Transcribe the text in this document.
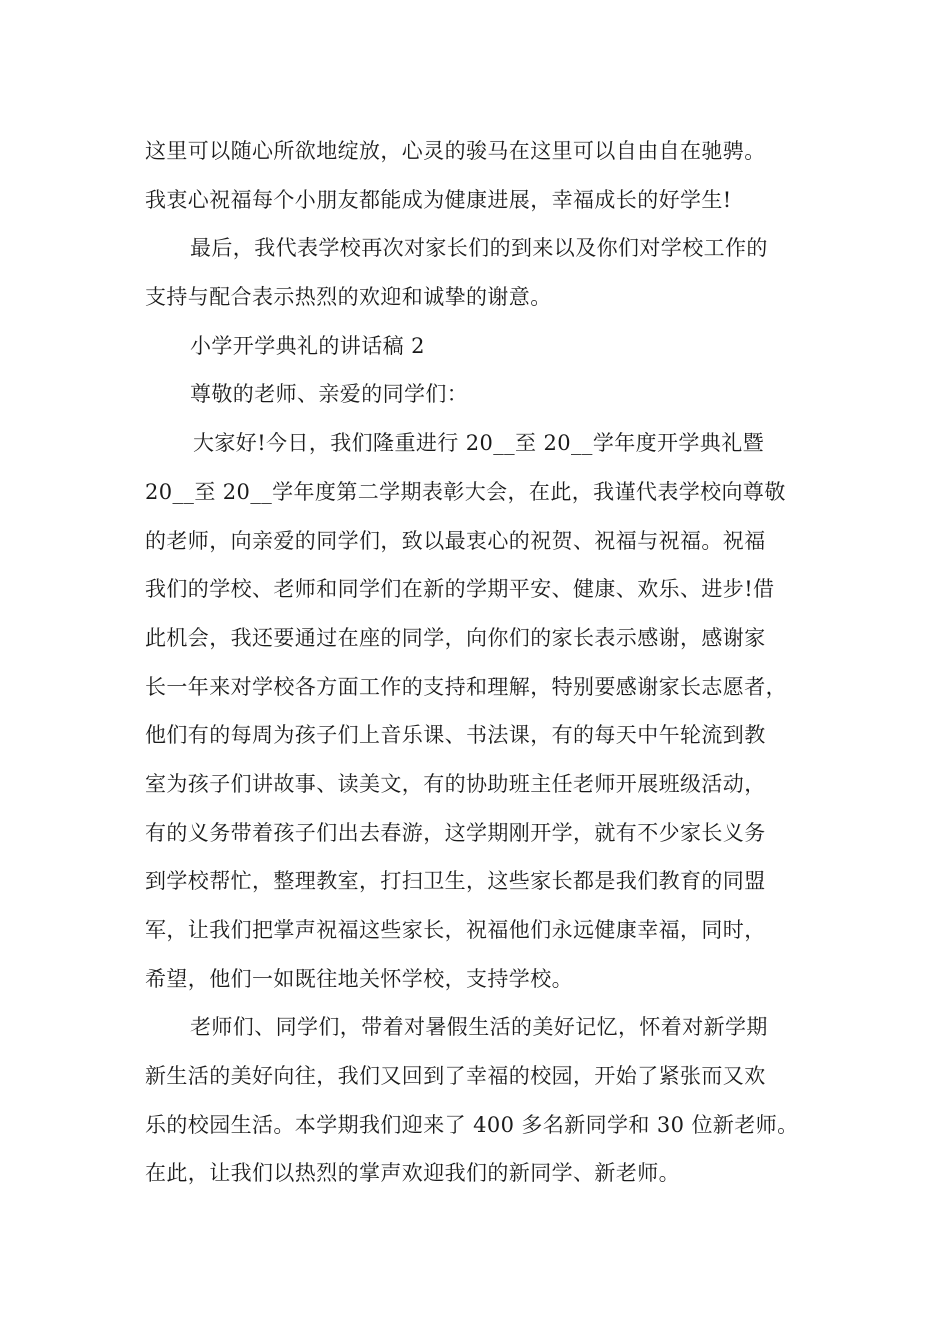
这里可以随心所欲地绽放，心灵的骏马在这里可以自由自在驰骋。
我衷心祝福每个小朋友都能成为健康进展，幸福成长的好学生!
最后，我代表学校再次对家长们的到来以及你们对学校工作的
支持与配合表示热烈的欢迎和诚挚的谢意。
小学开学典礼的讲话稿 2
尊敬的老师、亲爱的同学们：
大家好!今日，我们隆重进行 20__至 20__学年度开学典礼暨
20__至 20__学年度第二学期表彰大会，在此，我谨代表学校向尊敬
的老师，向亲爱的同学们，致以最衷心的祝贺、祝福与祝福。祝福
我们的学校、老师和同学们在新的学期平安、健康、欢乐、进步!借
此机会，我还要通过在座的同学，向你们的家长表示感谢，感谢家
长一年来对学校各方面工作的支持和理解，特别要感谢家长志愿者，
他们有的每周为孩子们上音乐课、书法课，有的每天中午轮流到教
室为孩子们讲故事、读美文，有的协助班主任老师开展班级活动，
有的义务带着孩子们出去春游，这学期刚开学，就有不少家长义务
到学校帮忙，整理教室，打扫卫生，这些家长都是我们教育的同盟
军，让我们把掌声祝福这些家长，祝福他们永远健康幸福，同时，
希望，他们一如既往地关怀学校，支持学校。
老师们、同学们，带着对暑假生活的美好记忆，怀着对新学期
新生活的美好向往，我们又回到了幸福的校园，开始了紧张而又欢
乐的校园生活。本学期我们迎来了 400 多名新同学和 30 位新老师。
在此，让我们以热烈的掌声欢迎我们的新同学、新老师。
